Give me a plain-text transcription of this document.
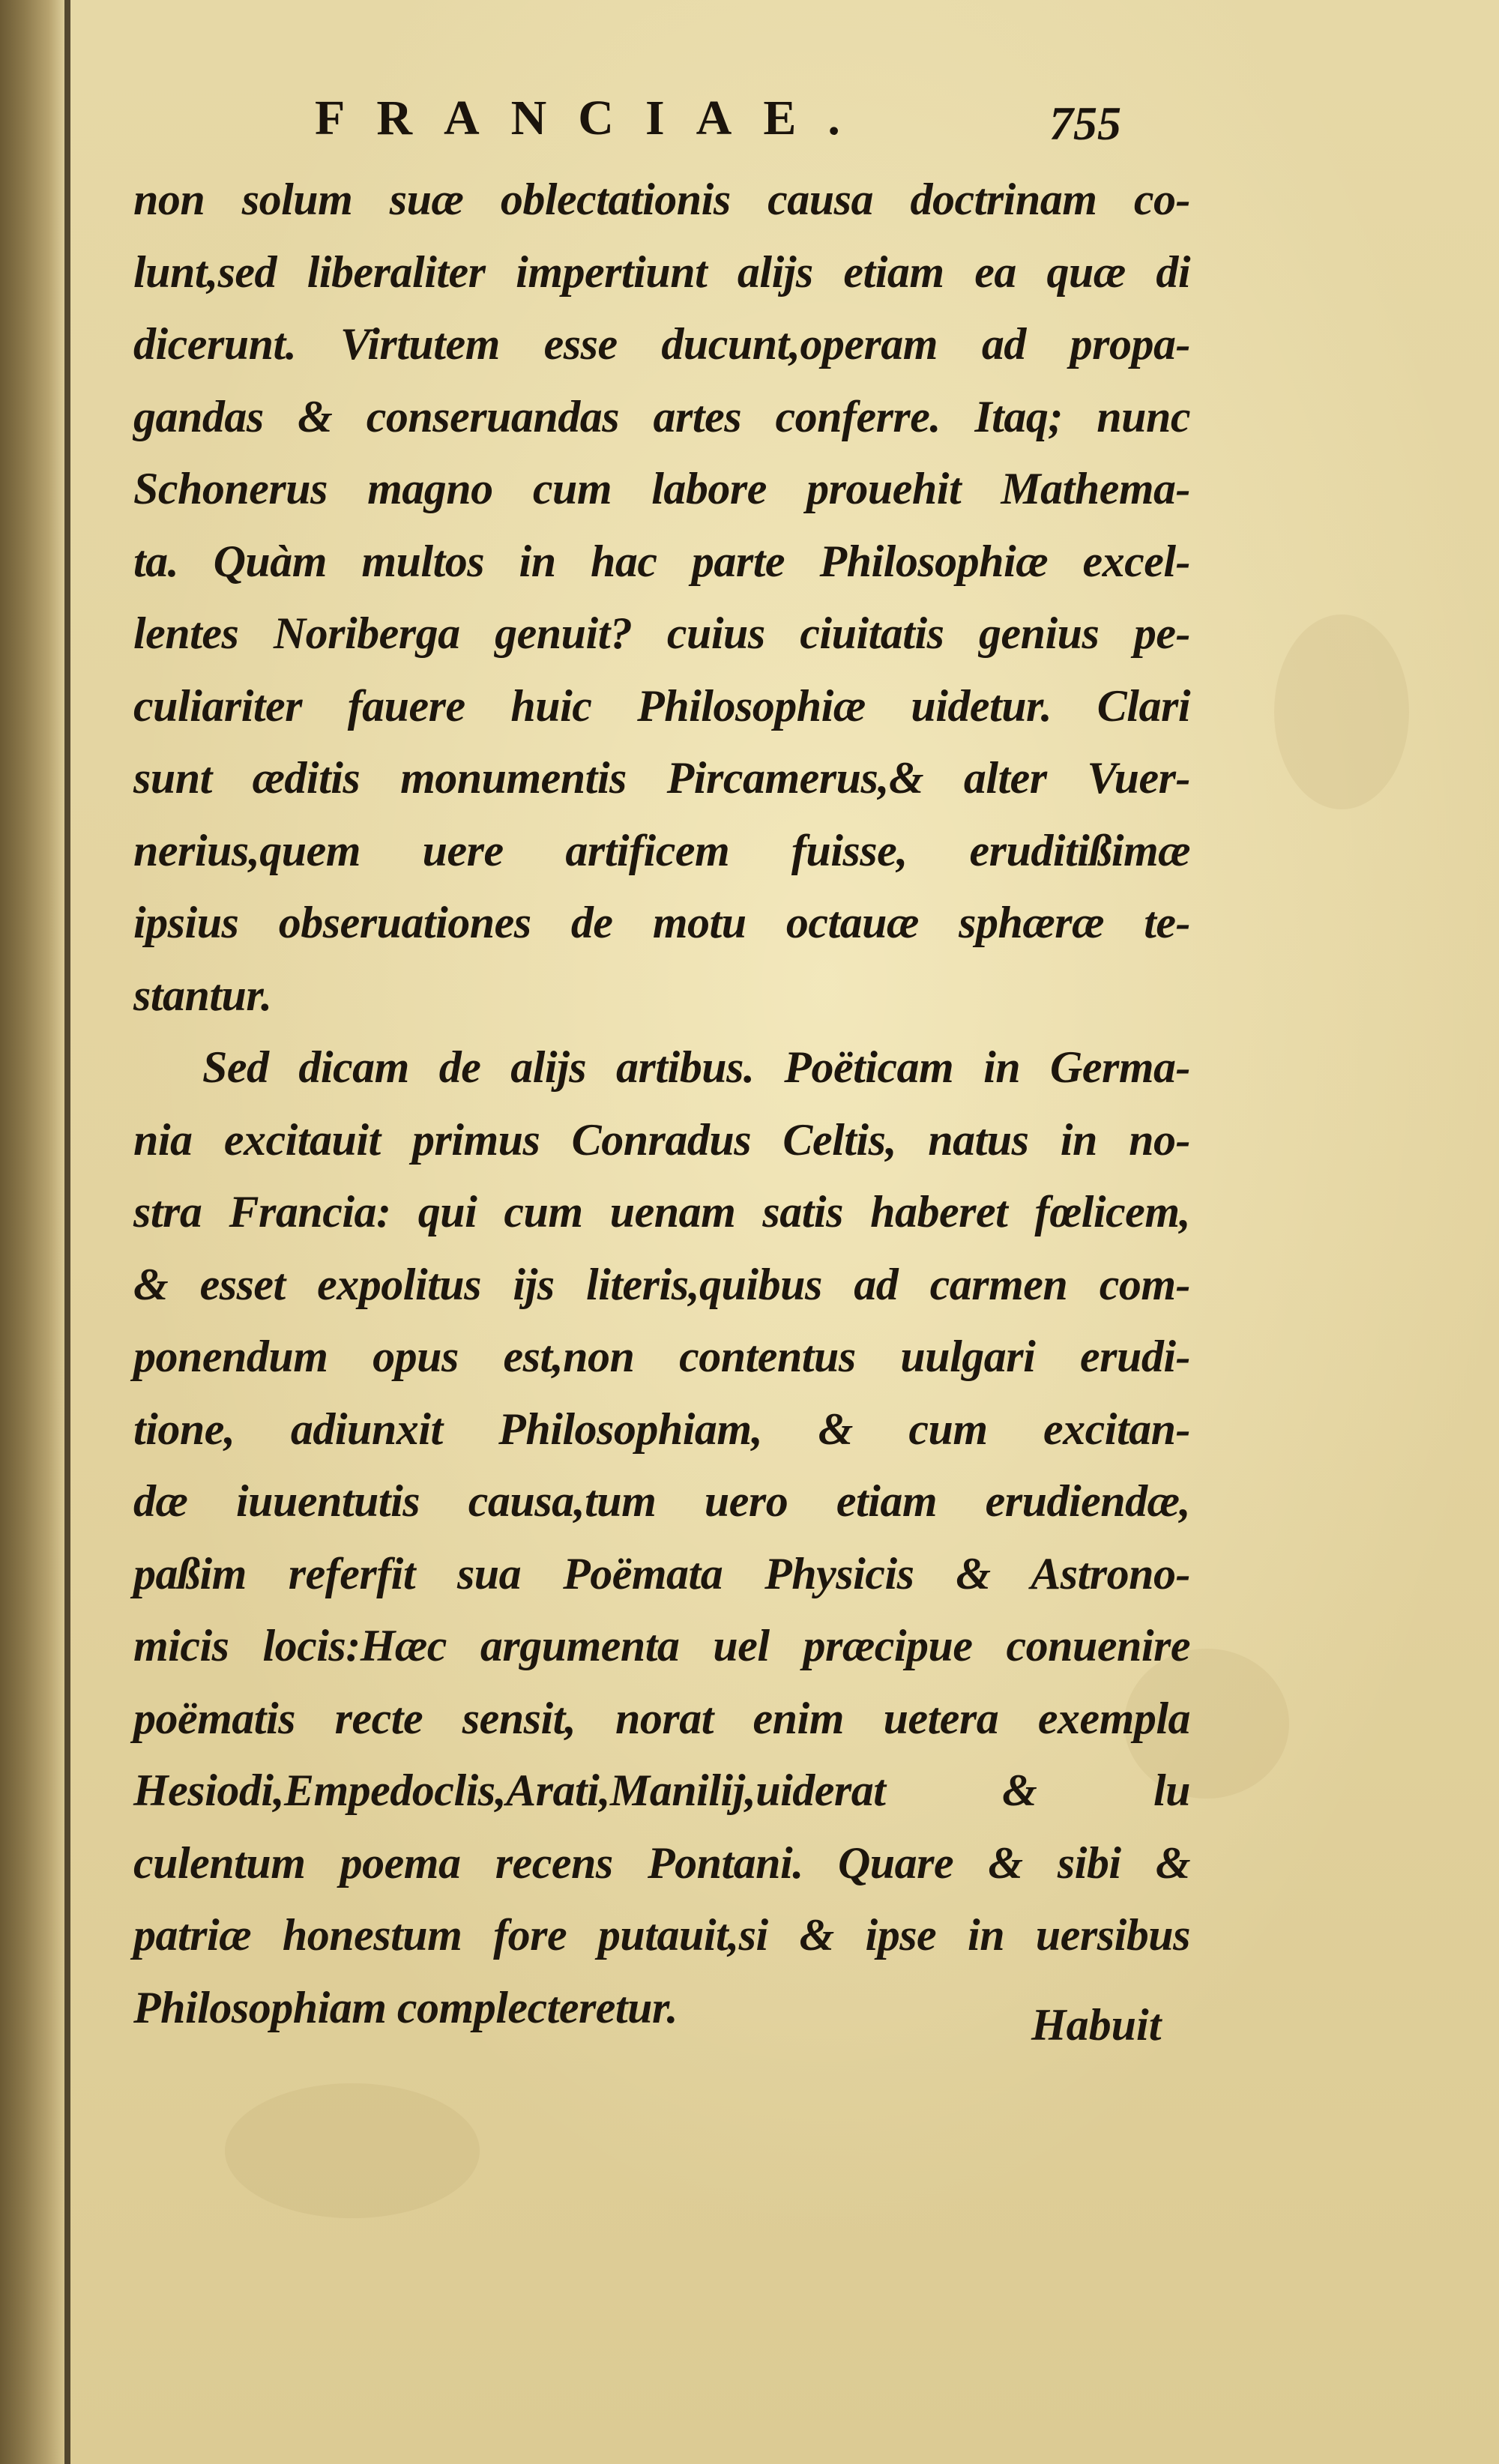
FRANCIAE.	755
non solum suæ oblectationis causa doctrinam co-
lunt,sed liberaliter impertiunt alijs etiam ea quæ di
dicerunt. Virtutem esse ducunt,operam ad propa-
gandas & conseruandas artes conferre. Itaq; nunc
Schonerus magno cum labore prouehit Mathema-
ta. Quàm multos in hac parte Philosophiæ excel-
lentes Noriberga genuit? cuius ciuitatis genius pe-
culiariter fauere huic Philosophiæ uidetur. Clari
sunt æditis monumentis Pircamerus,& alter Vuer-
nerius,quem uere artificem fuisse, eruditißimæ
ipsius obseruationes de motu octauæ sphæræ te-
stantur.
Sed dicam de alijs artibus. Poëticam in Germa-
nia excitauit primus Conradus Celtis, natus in no-
stra Francia: qui cum uenam satis haberet fœlicem,
& esset expolitus ijs literis,quibus ad carmen com-
ponendum opus est,non contentus uulgari erudi-
tione, adiunxit Philosophiam, & cum excitan-
dæ iuuentutis causa,tum uero etiam erudiendæ,
paßim referfit sua Poëmata Physicis & Astrono-
micis locis:Hæc argumenta uel præcipue conuenire
poëmatis recte sensit, norat enim uetera exempla
Hesiodi,Empedoclis,Arati,Manilij,uiderat & lu
culentum poema recens Pontani. Quare & sibi &
patriæ honestum fore putauit,si & ipse in uersibus
Philosophiam complecteretur.	Habuit
